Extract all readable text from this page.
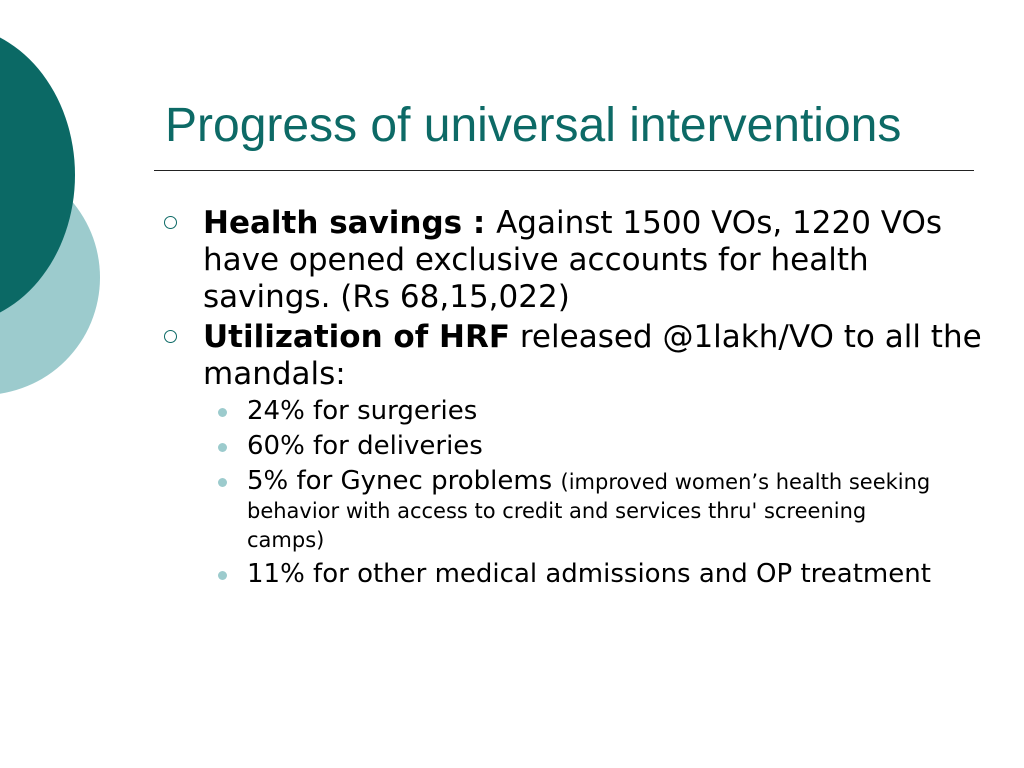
Progress of universal interventions
Health savings : Against 1500 VOs, 1220 VOs have opened exclusive accounts for health savings. (Rs 68,15,022)
Utilization of HRF released @1lakh/VO to all the mandals:
24% for surgeries
60% for deliveries
5% for Gynec problems (improved women’s health seeking behavior with access to credit and services thru' screening camps)
11% for other medical admissions and OP treatment
